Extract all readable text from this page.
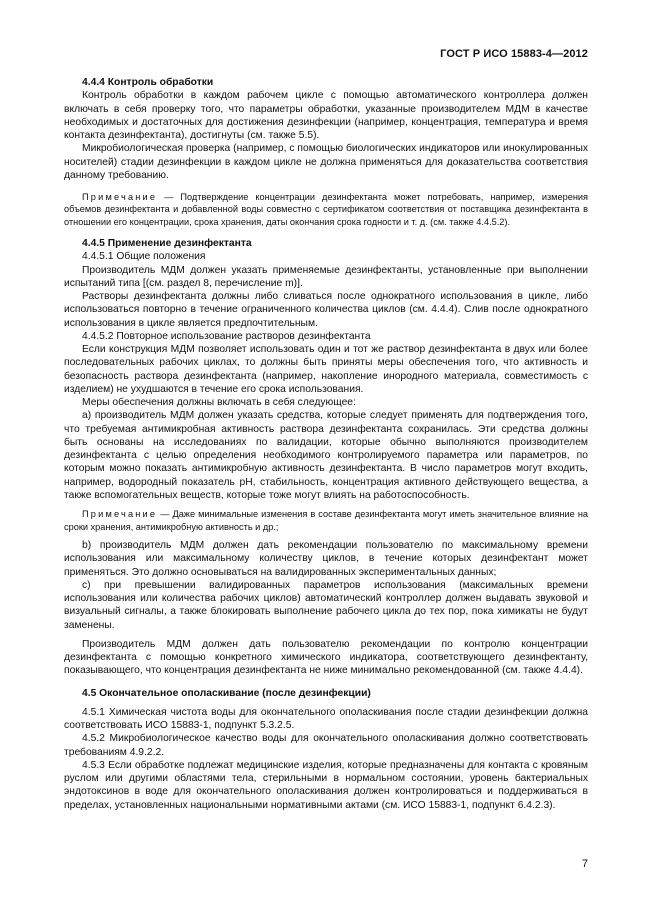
ГОСТ Р ИСО 15883-4—2012
4.4.4 Контроль обработки

Контроль обработки в каждом рабочем цикле с помощью автоматического контроллера должен включать в себя проверку того, что параметры обработки, указанные производителем МДМ в качестве необходимых и достаточных для достижения дезинфекции (например, концентрация, температура и время контакта дезинфектанта), достигнуты (см. также 5.5).

Микробиологическая проверка (например, с помощью биологических индикаторов или инокулированных носителей) стадии дезинфекции в каждом цикле не должна применяться для доказательства соответствия данному требованию.

Примечание — Подтверждение концентрации дезинфектанта может потребовать, например, измерения объемов дезинфектанта и добавленной воды совместно с сертификатом соответствия от поставщика дезинфектанта в отношении его концентрации, срока хранения, даты окончания срока годности и т. д. (см. также 4.4.5.2).

4.4.5 Применение дезинфектанта

4.4.5.1 Общие положения

Производитель МДМ должен указать применяемые дезинфектанты, установленные при выполнении испытаний типа [(см. раздел 8, перечисление m)].

Растворы дезинфектанта должны либо сливаться после однократного использования в цикле, либо использоваться повторно в течение ограниченного количества циклов (см. 4.4.4). Слив после однократного использования в цикле является предпочтительным.

4.4.5.2 Повторное использование растворов дезинфектанта

Если конструкция МДМ позволяет использовать один и тот же раствор дезинфектанта в двух или более последовательных рабочих циклах, то должны быть приняты меры обеспечения того, что активность и безопасность раствора дезинфектанта (например, накопление инородного материала, совместимость с изделием) не ухудшаются в течение его срока использования.

Меры обеспечения должны включать в себя следующее:

a) производитель МДМ должен указать средства, которые следует применять для подтверждения того, что требуемая антимикробная активность раствора дезинфектанта сохранилась. Эти средства должны быть основаны на исследованиях по валидации, которые обычно выполняются производителем дезинфектанта с целью определения необходимого контролируемого параметра или параметров, по которым можно показать антимикробную активность дезинфектанта. В число параметров могут входить, например, водородный показатель pH, стабильность, концентрация активного действующего вещества, а также вспомогательных веществ, которые тоже могут влиять на работоспособность.

Примечание — Даже минимальные изменения в составе дезинфектанта могут иметь значительное влияние на сроки хранения, антимикробную активность и др.;

b) производитель МДМ должен дать рекомендации пользователю по максимальному времени использования или максимальному количеству циклов, в течение которых дезинфектант может применяться. Это должно основываться на валидированных экспериментальных данных;

c) при превышении валидированных параметров использования (максимальных времени использования или количества рабочих циклов) автоматический контроллер должен выдавать звуковой и визуальный сигналы, а также блокировать выполнение рабочего цикла до тех пор, пока химикаты не будут заменены.

Производитель МДМ должен дать пользователю рекомендации по контролю концентрации дезинфектанта с помощью конкретного химического индикатора, соответствующего дезинфектанту, показывающего, что концентрация дезинфектанта не ниже минимально рекомендованной (см. также 4.4.4).

4.5 Окончательное ополаскивание (после дезинфекции)

4.5.1 Химическая чистота воды для окончательного ополаскивания после стадии дезинфекции должна соответствовать ИСО 15883-1, подпункт 5.3.2.5.

4.5.2 Микробиологическое качество воды для окончательного ополаскивания должно соответствовать требованиям 4.9.2.2.

4.5.3 Если обработке подлежат медицинские изделия, которые предназначены для контакта с кровяным руслом или другими областями тела, стерильными в нормальном состоянии, уровень бактериальных эндотоксинов в воде для окончательного ополаскивания должен контролироваться и поддерживаться в пределах, установленных национальными нормативными актами (см. ИСО 15883-1, подпункт 6.4.2.3).

7
